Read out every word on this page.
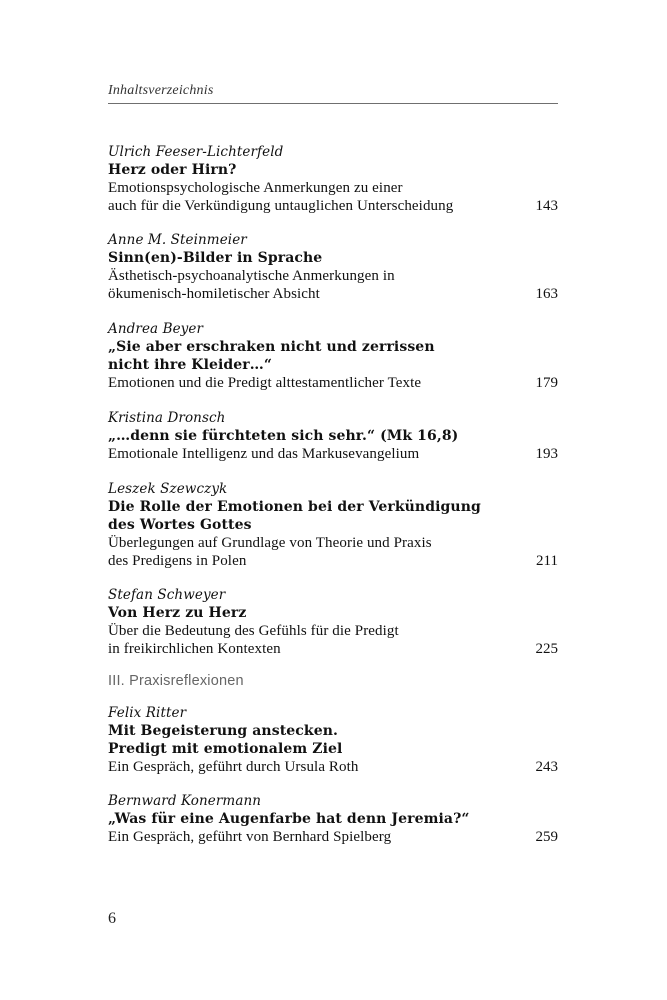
Inhaltsverzeichnis
Ulrich Feeser-Lichterfeld
Herz oder Hirn?
Emotionspsychologische Anmerkungen zu einer
auch für die Verkündigung untauglichen Unterscheidung	143
Anne M. Steinmeier
Sinn(en)-Bilder in Sprache
Ästhetisch-psychoanalytische Anmerkungen in
ökumenisch-homiletischer Absicht	163
Andrea Beyer
„Sie aber erschraken nicht und zerrissen
nicht ihre Kleider…“
Emotionen und die Predigt alttestamentlicher Texte	179
Kristina Dronsch
„…denn sie fürchteten sich sehr.“ (Mk 16,8)
Emotionale Intelligenz und das Markusevangelium	193
Leszek Szewczyk
Die Rolle der Emotionen bei der Verkündigung
des Wortes Gottes
Überlegungen auf Grundlage von Theorie und Praxis
des Predigens in Polen	211
Stefan Schweyer
Von Herz zu Herz
Über die Bedeutung des Gefühls für die Predigt
in freikirchlichen Kontexten	225
III. Praxisreflexionen
Felix Ritter
Mit Begeisterung anstecken.
Predigt mit emotionalem Ziel
Ein Gespräch, geführt durch Ursula Roth	243
Bernward Konermann
„Was für eine Augenfarbe hat denn Jeremia?“
Ein Gespräch, geführt von Bernhard Spielberg	259
6
